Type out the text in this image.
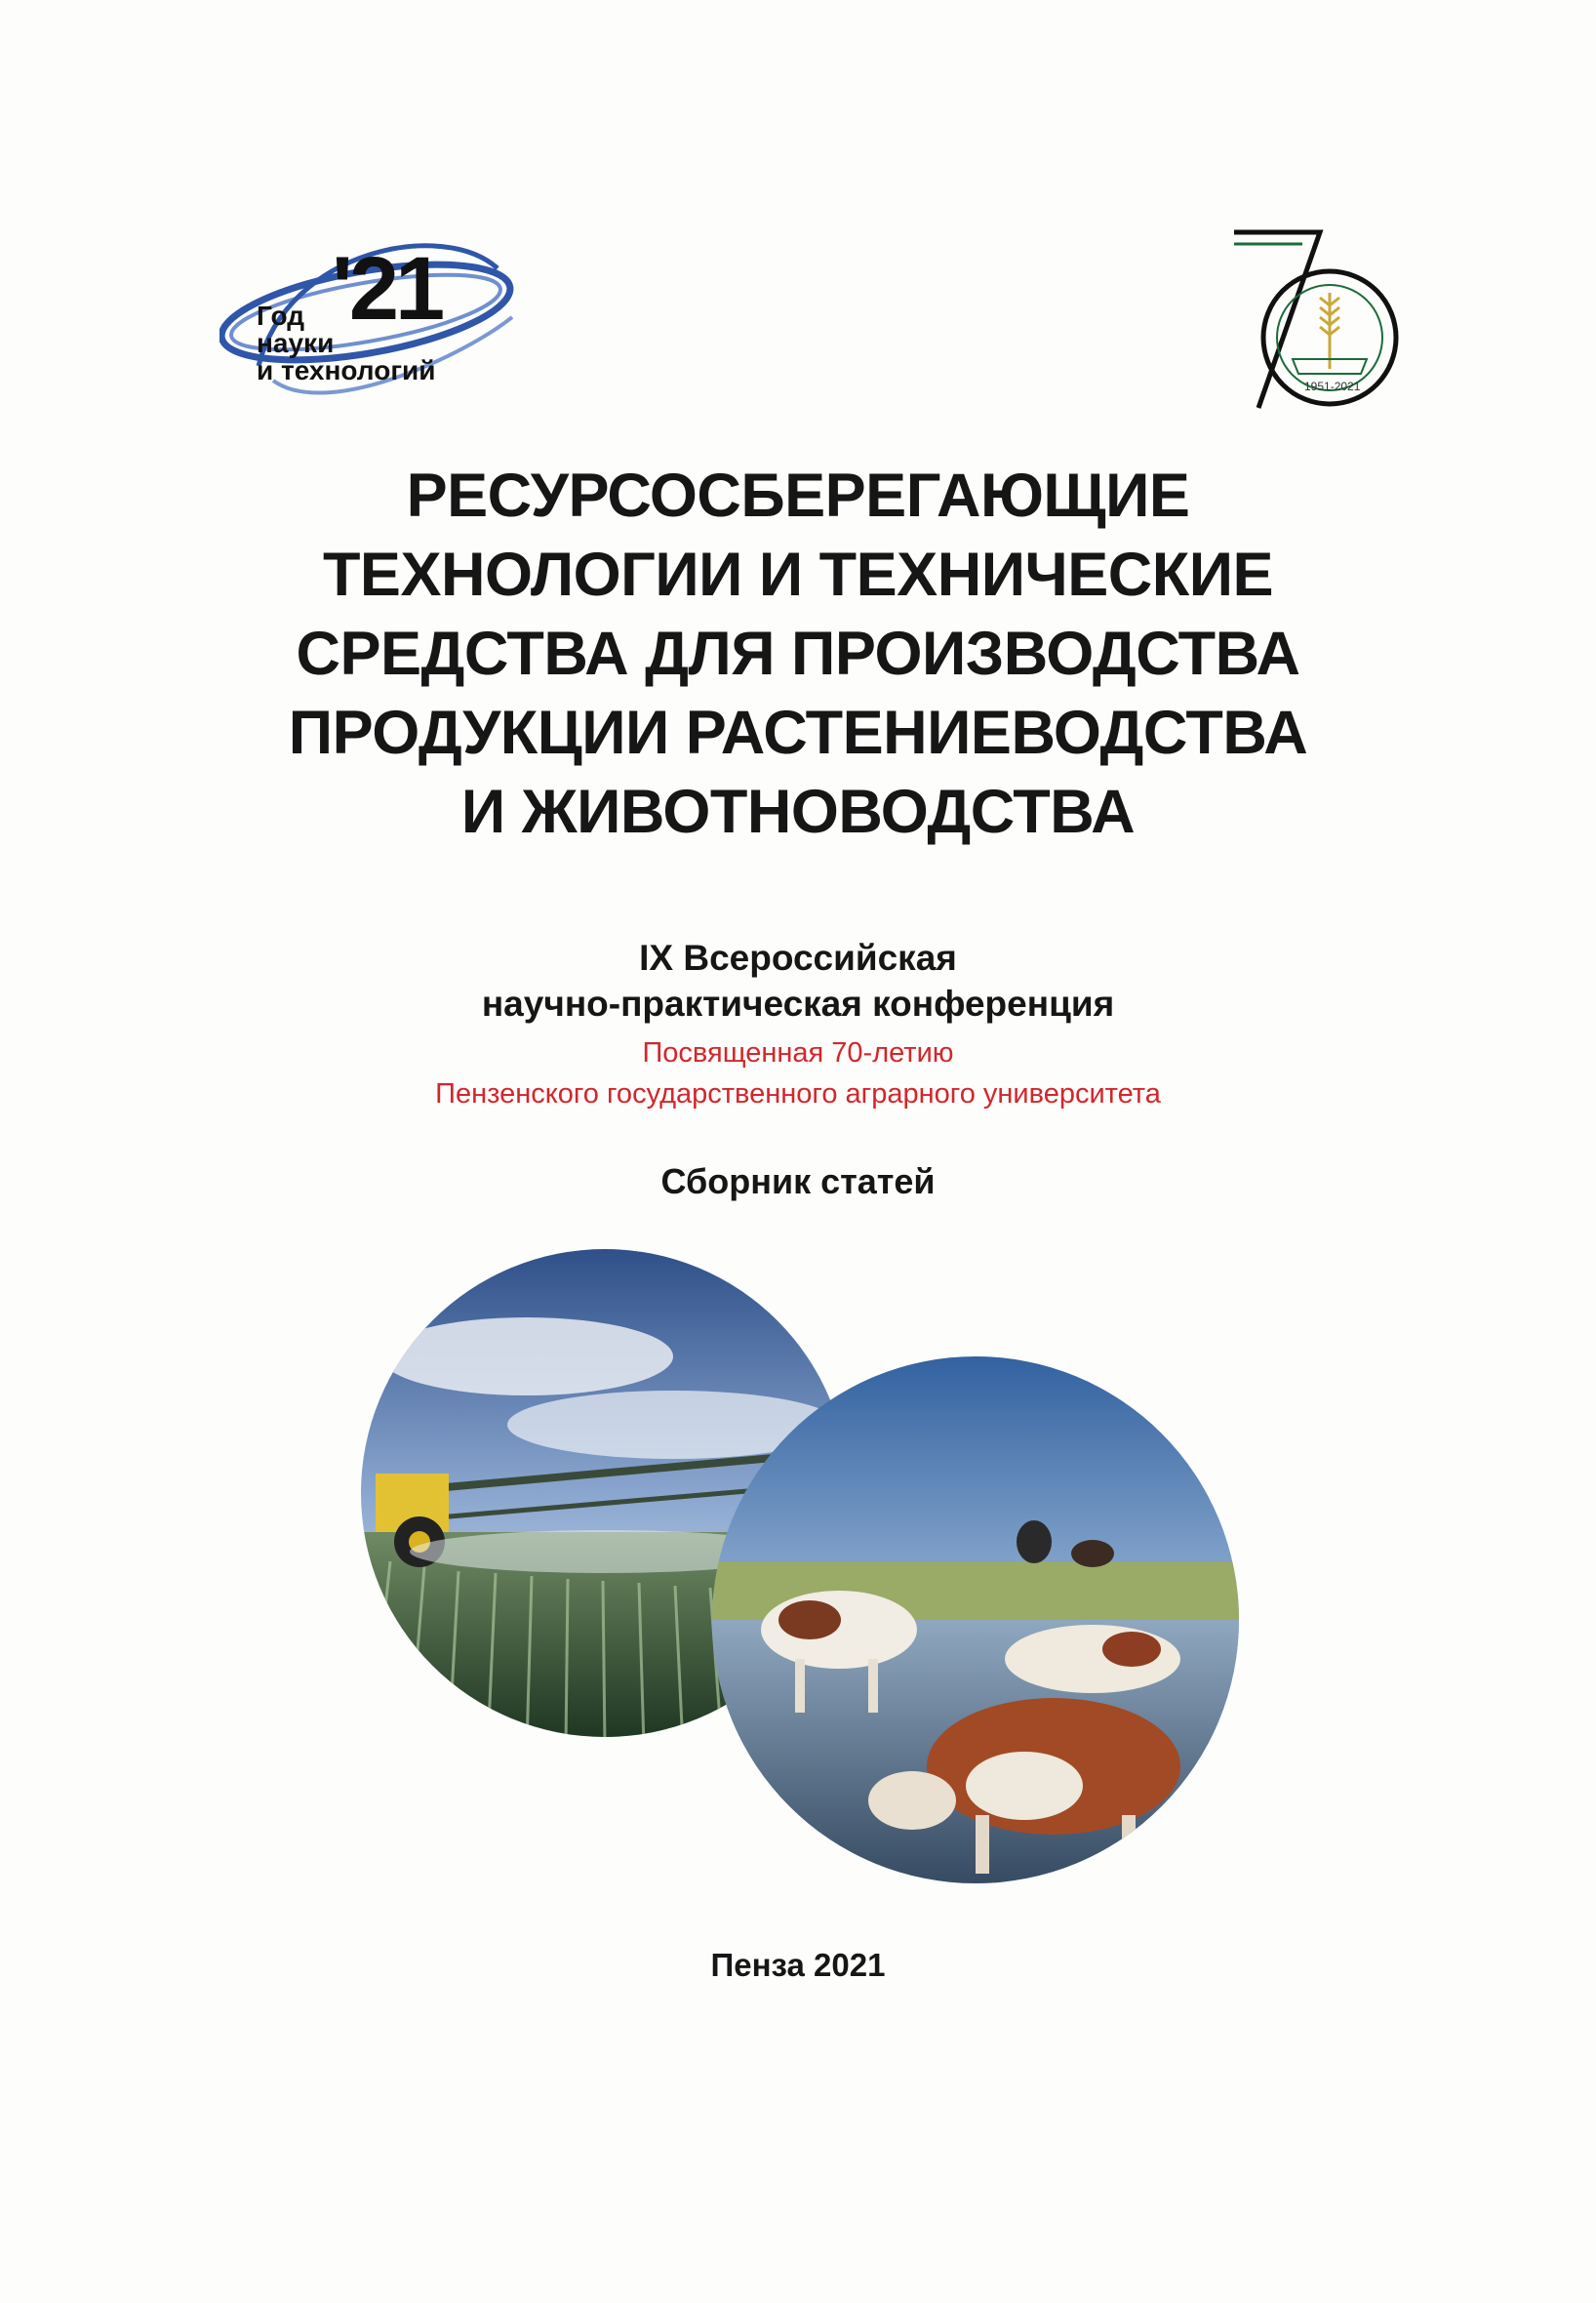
'21
Год
науки
и технологий
1951-2021
РЕСУРСОСБЕРЕГАЮЩИЕ
ТЕХНОЛОГИИ И ТЕХНИЧЕСКИЕ
СРЕДСТВА ДЛЯ ПРОИЗВОДСТВА
ПРОДУКЦИИ РАСТЕНИЕВОДСТВА
И ЖИВОТНОВОДСТВА
IX Всероссийская
научно-практическая конференция
Посвященная 70-летию
Пензенского государственного аграрного университета
Сборник статей
Пенза 2021
